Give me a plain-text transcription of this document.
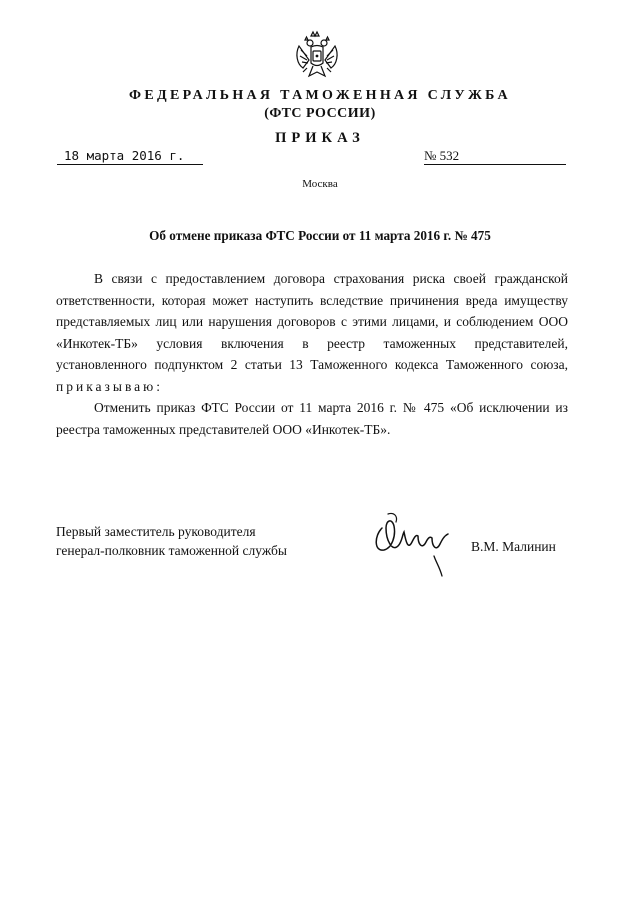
ФЕДЕРАЛЬНАЯ ТАМОЖЕННАЯ СЛУЖБА
(ФТС РОССИИ)
ПРИКАЗ
18 марта 2016 г.	№ 532
Москва
Об отмене приказа ФТС России от 11 марта 2016 г. № 475

В связи с предоставлением договора страхования риска своей гражданской ответственности, которая может наступить вследствие причинения вреда имуществу представляемых лиц или нарушения договоров с этими лицами, и соблюдением ООО «Инкотек-ТБ» условия включения в реестр таможенных представителей, установленного подпунктом 2 статьи 13 Таможенного кодекса Таможенного союза, приказываю:

Отменить приказ ФТС России от 11 марта 2016 г. № 475 «Об исключении из реестра таможенных представителей ООО «Инкотек-ТБ».

Первый заместитель руководителя
генерал-полковник таможенной службы	В.М. Малинин
